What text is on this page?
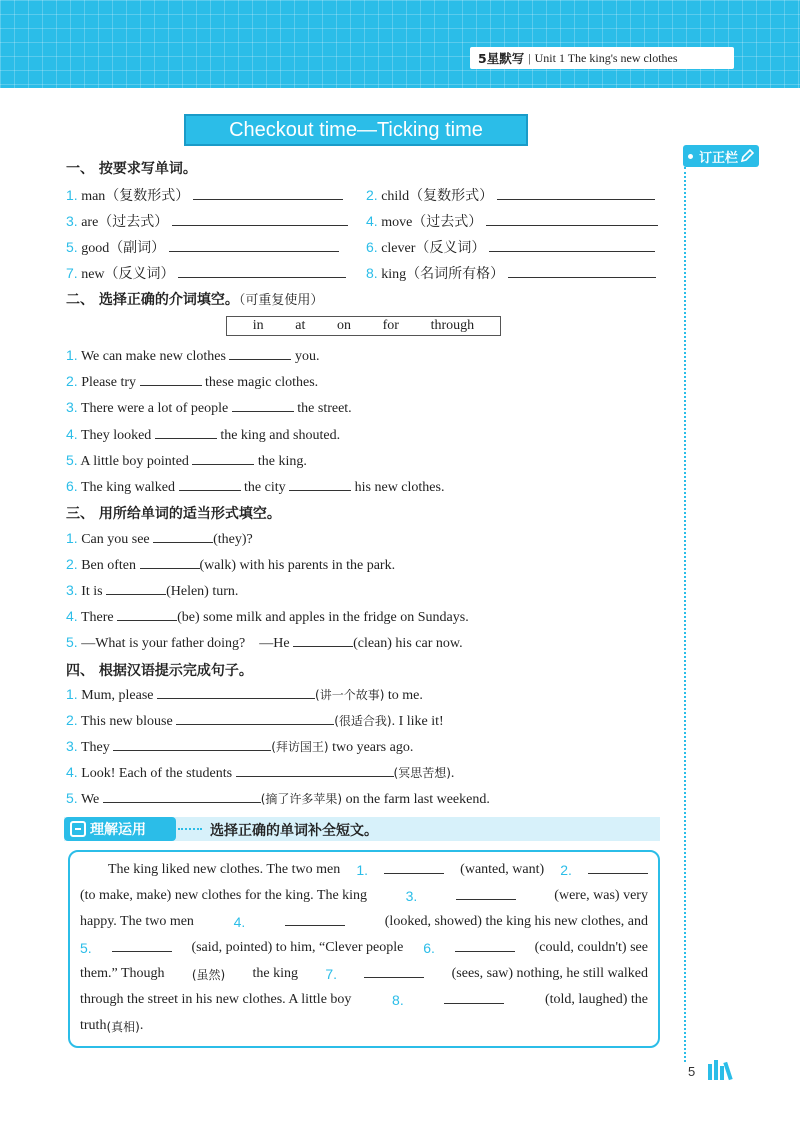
5星默写 | Unit 1 The king's new clothes
Checkout time—Ticking time
订正栏
一、 按要求写单词。
1. man（复数形式）	2. child（复数形式）
3. are（过去式）	4. move（过去式）
5. good（副词）	6. clever（反义词）
7. new（反义词）	8. king（名词所有格）
二、 选择正确的介词填空。（可重复使用）
in at on for through
1. We can make new clothes	you.
2. Please try	these magic clothes.
3. There were a lot of people	the street.
4. They looked	the king and shouted.
5. A little boy pointed	the king.
6. The king walked	the city	his new clothes.
三、 用所给单词的适当形式填空。
1. Can you see	(they)?
2. Ben often	(walk) with his parents in the park.
3. It is	(Helen) turn.
4. There	(be) some milk and apples in the fridge on Sundays.
5. —What is your father doing?    —He	(clean) his car now.
四、 根据汉语提示完成句子。
1. Mum, please	(讲一个故事) to me.
2. This new blouse	(很适合我). I like it!
3. They	(拜访国王) two years ago.
4. Look! Each of the students	(冥思苦想).
5. We	(摘了许多苹果) on the farm last weekend.
理解运用	选择正确的单词补全短文。
The king liked new clothes. The two men 1.	(wanted, want) 2.
(to make, make) new clothes for the king. The king	3.	(were, was) very
happy. The two men	4.	(looked, showed) the king his new clothes, and
5.	(said, pointed) to him, “Clever people 6.	(could, couldn't) see
them.” Though (虽然) the king 7.	(sees, saw) nothing, he still walked
through the street in his new clothes. A little boy	8.	(told, laughed) the
truth (真相) .
5
